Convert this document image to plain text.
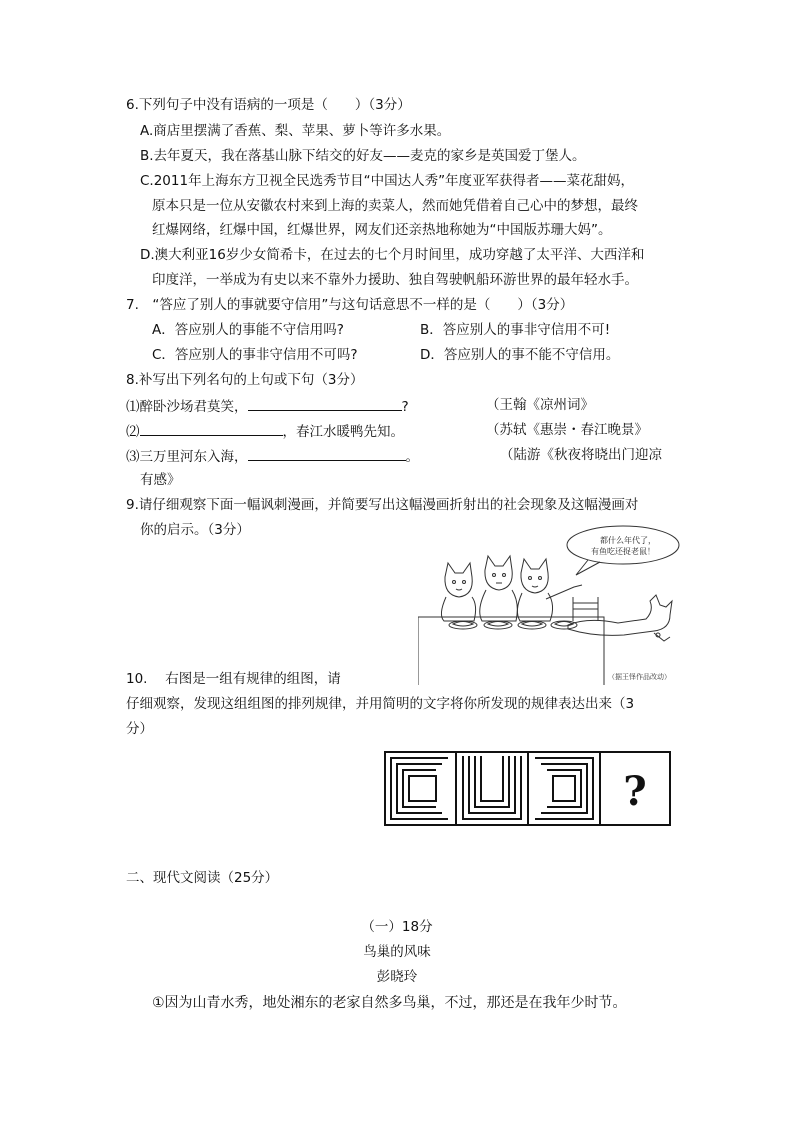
6.下列句子中没有语病的一项是（　　）（3分）
A.商店里摆满了香蕉、梨、苹果、萝卜等许多水果。
B.去年夏天，我在落基山脉下结交的好友——麦克的家乡是英国爱丁堡人。
C.2011年上海东方卫视全民选秀节目“中国达人秀”年度亚军获得者——菜花甜妈，
原本只是一位从安徽农村来到上海的卖菜人，然而她凭借着自己心中的梦想，最终
红爆网络，红爆中国，红爆世界，网友们还亲热地称她为“中国版苏珊大妈”。
D.澳大利亚16岁少女简希卡，在过去的七个月时间里，成功穿越了太平洋、大西洋和
印度洋，一举成为有史以来不靠外力援助、独自驾驶帆船环游世界的最年轻水手。
7.　“答应了别人的事就要守信用”与这句话意思不一样的是（　　）（3分）
A．答应别人的事能不守信用吗?	B．答应别人的事非守信用不可!
C．答应别人的事非守信用不可吗?	D．答应别人的事不能不守信用。
8.补写出下列名句的上句或下句（3分）
⑴醉卧沙场君莫笑，	?	（王翰《凉州词》
⑵	，春江水暖鸭先知。	（苏轼《惠崇・春江晚景》
⑶三万里河东入海，	。	（陆游《秋夜将晓出门迎凉
有感》
9.请仔细观察下面一幅讽刺漫画，并简要写出这幅漫画折射出的社会现象及这幅漫画对
你的启示。（3分）
都什么年代了，
有鱼吃还捉老鼠！
（据王怿作品改动）
10.　 右图是一组有规律的组图，请
仔细观察，发现这组组图的排列规律，并用简明的文字将你所发现的规律表达出来（3
分）
?
二、现代文阅读（25分）
（一）18分
鸟巢的风味
彭晓玲
①因为山青水秀，地处湘东的老家自然多鸟巢，不过，那还是在我年少时节。
